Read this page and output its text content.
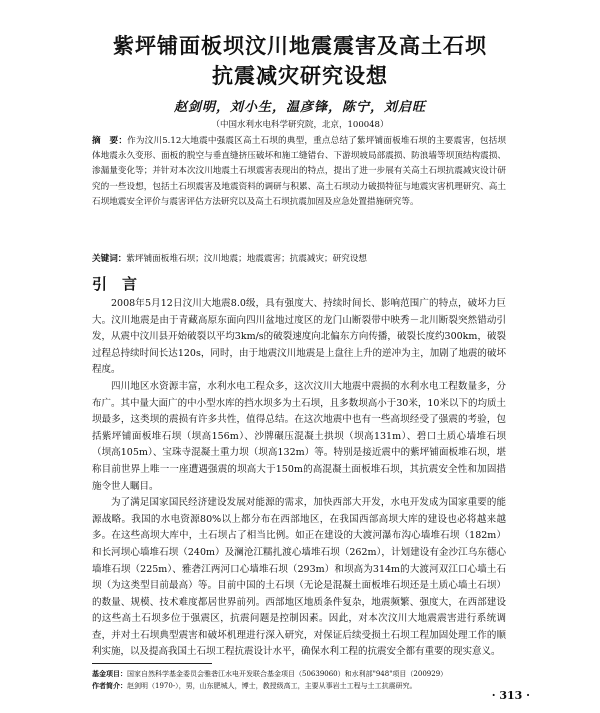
紫坪铺面板坝汶川地震震害及高土石坝
抗震减灾研究设想
赵剑明，刘小生，温彦锋，陈宁，刘启旺
（中国水利水电科学研究院，北京，100048）
摘　要：作为汶川5.12大地震中强震区高土石坝的典型，重点总结了紫坪铺面板堆石坝的主要震害，包括坝体地震永久变形、面板的脱空与垂直缝挤压破坏和施工缝错台、下游坝坡局部震损、防浪墙等坝顶结构震损、渗漏量变化等；并针对本次汶川地震土石坝震害表现出的特点，提出了进一步展有关高土石坝抗震减灾设计研究的一些设想，包括土石坝震害及地震资料的调研与积累、高土石坝动力破损特征与地震灾害机理研究、高土石坝地震安全评价与震害评估方法研究以及高土石坝抗震加固及应急处置措施研究等。
关键词：紫坪铺面板堆石坝；汶川地震；地震震害；抗震减灾；研究设想
引　言

2008年5月12日汶川大地震8.0级，具有强度大、持续时间长、影响范围广的特点，破坏力巨大。汶川地震是由于青藏高原东面向四川盆地过度区的龙门山断裂带中映秀－北川断裂突然错动引发，从震中汶川县开始破裂以平均3km/s的破裂速度向北偏东方向传播，破裂长度约300km，破裂过程总持续时间长达120s，同时，由于地震汶川地震是上盘往上升的逆冲为主，加剧了地震的破坏程度。

四川地区水资源丰富，水利水电工程众多，这次汶川大地震中震损的水利水电工程数量多，分布广。其中量大面广的中小型水库的挡水坝多为土石坝，且多数坝高小于30米，10米以下的均质土坝最多，这类坝的震损有许多共性，值得总结。在这次地震中也有一些高坝经受了强震的考验，包括紫坪铺面板堆石坝（坝高156m）、沙牌碾压混凝土拱坝（坝高131m）、碧口土质心墙堆石坝（坝高105m）、宝珠寺混凝土重力坝（坝高132m）等。特别是接近震中的紫坪铺面板堆石坝，堪称目前世界上唯一一座遭遇强震的坝高大于150m的高混凝土面板堆石坝，其抗震安全性和加固措施令世人瞩目。

为了满足国家国民经济建设发展对能源的需求，加快西部大开发，水电开发成为国家重要的能源战略。我国的水电资源80%以上都分布在西部地区，在我国西部高坝大库的建设也必将越来越多。在这些高坝大库中，土石坝占了相当比例。如正在建设的大渡河瀑布沟心墙堆石坝（182m）和长河坝心墙堆石坝（240m）及澜沧江糯扎渡心墙堆石坝（262m），计划建设有金沙江乌东德心墙堆石坝（225m）、雅砻江两河口心墙堆石坝（293m）和坝高为314m的大渡河双江口心墙土石坝（为这类型目前最高）等。目前中国的土石坝（无论是混凝土面板堆石坝还是土质心墙土石坝）的数量、规模、技术难度都居世界前列。西部地区地质条件复杂，地震频繁、强度大，在西部建设的这些高土石坝多位于强震区，抗震问题是控制因素。因此，对本次汶川大地震震害进行系统调查，并对土石坝典型震害和破坏机理进行深入研究，对保证后续受损土石坝工程加固处理工作的顺利实施，以及提高我国土石坝工程抗震设计水平，确保水利工程的抗震安全都有重要的现实意义。

基金项目：国家自然科学基金委员会雅砻江水电开发联合基金项目（50639060）和水利部"948"项目（200929）
作者简介：赵剑明（1970-），男，山东肥城人，博士，教授级高工，主要从事岩土工程与土工抗震研究。
· 313 ·
